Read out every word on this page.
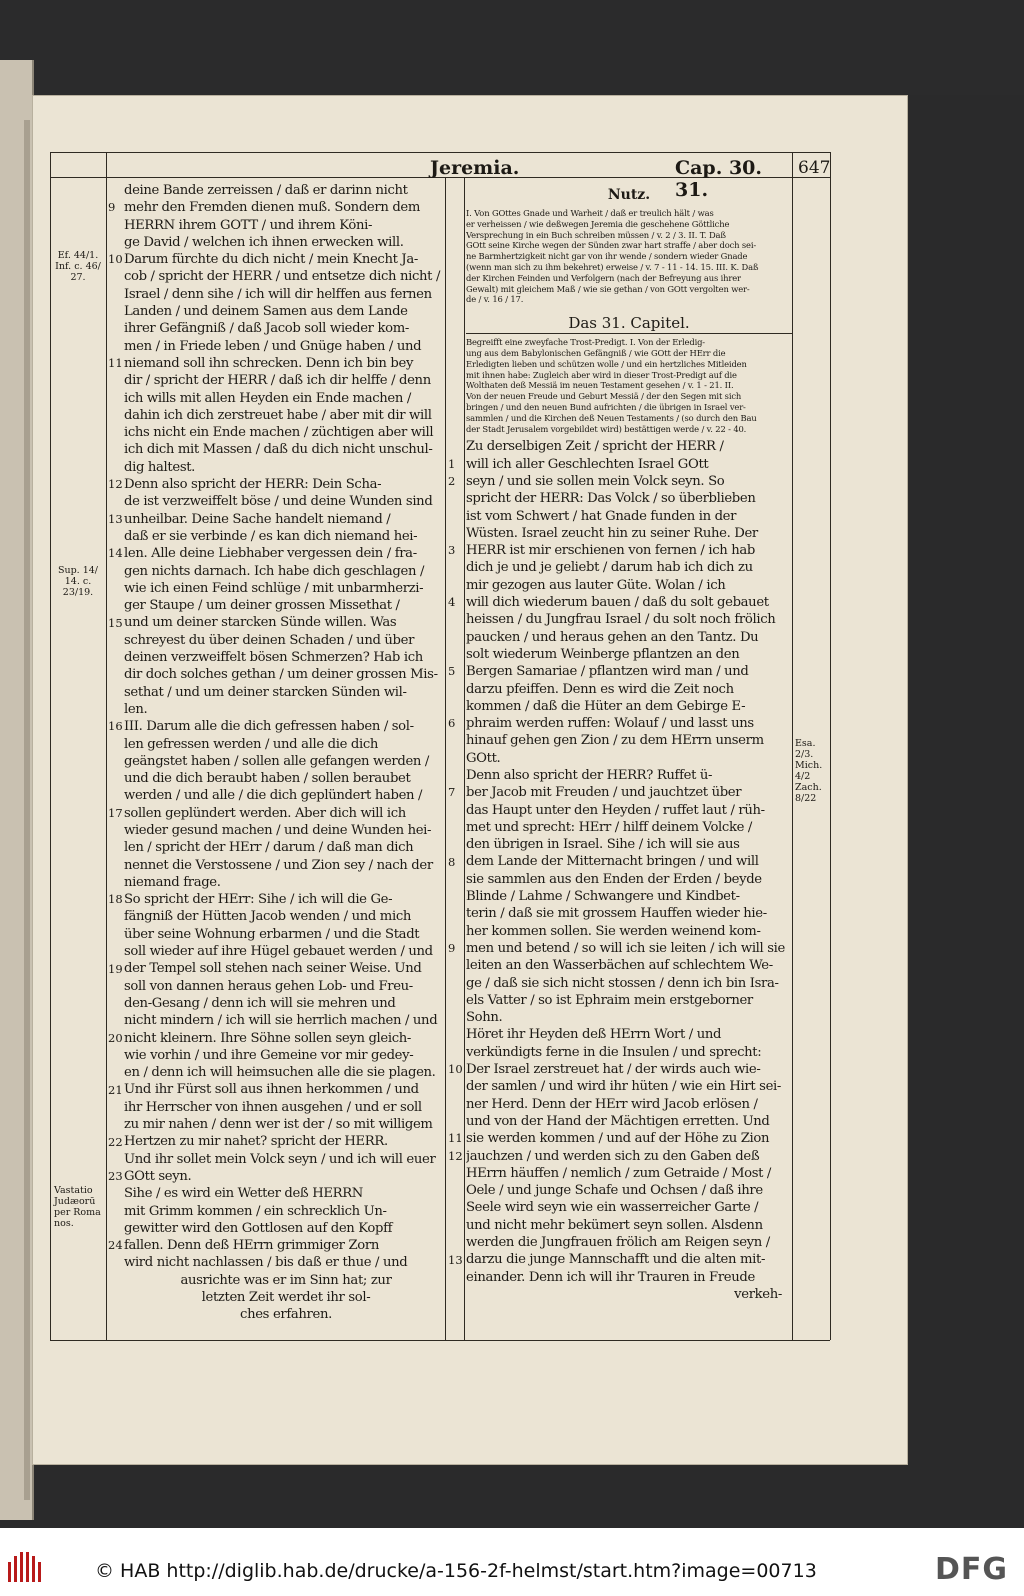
Jeremia.	Cap. 30. 31.
647
deine Bande zerreissen / daß er darinn nicht
mehr den Fremden dienen muß. Sondern dem
HERRN ihrem GOTT / und ihrem Köni-
ge David / welchen ich ihnen erwecken will.
Darum fürchte du dich nicht / mein Knecht Ja-
cob / spricht der HERR / und entsetze dich nicht /
Israel / denn sihe / ich will dir helffen aus fernen
Landen / und deinem Samen aus dem Lande
ihrer Gefängniß / daß Jacob soll wieder kom-
men / in Friede leben / und Gnüge haben / und
niemand soll ihn schrecken. Denn ich bin bey
dir / spricht der HERR / daß ich dir helffe / denn
ich wills mit allen Heyden ein Ende machen /
dahin ich dich zerstreuet habe / aber mit dir will
ichs nicht ein Ende machen / züchtigen aber will
ich dich mit Massen / daß du dich nicht unschul-
dig haltest.
Denn also spricht der HERR: Dein Scha-
de ist verzweiffelt böse / und deine Wunden sind
unheilbar. Deine Sache handelt niemand /
daß er sie verbinde / es kan dich niemand hei-
len. Alle deine Liebhaber vergessen dein / fra-
gen nichts darnach. Ich habe dich geschlagen /
wie ich einen Feind schlüge / mit unbarmherzi-
ger Staupe / um deiner grossen Missethat /
und um deiner starcken Sünde willen. Was
schreyest du über deinen Schaden / und über
deinen verzweiffelt bösen Schmerzen? Hab ich
dir doch solches gethan / um deiner grossen Mis-
sethat / und um deiner starcken Sünden wil-
len.
III. Darum alle die dich gefressen haben / sol-
len gefressen werden / und alle die dich
geängstet haben / sollen alle gefangen werden /
und die dich beraubt haben / sollen beraubet
werden / und alle / die dich geplündert haben /
sollen geplündert werden. Aber dich will ich
wieder gesund machen / und deine Wunden hei-
len / spricht der HErr / darum / daß man dich
nennet die Verstossene / und Zion sey / nach der
niemand frage.
So spricht der HErr: Sihe / ich will die Ge-
fängniß der Hütten Jacob wenden / und mich
über seine Wohnung erbarmen / und die Stadt
soll wieder auf ihre Hügel gebauet werden / und
der Tempel soll stehen nach seiner Weise. Und
soll von dannen heraus gehen Lob- und Freu-
den-Gesang / denn ich will sie mehren und
nicht mindern / ich will sie herrlich machen / und
nicht kleinern. Ihre Söhne sollen seyn gleich-
wie vorhin / und ihre Gemeine vor mir gedey-
en / denn ich will heimsuchen alle die sie plagen.
Und ihr Fürst soll aus ihnen herkommen / und
ihr Herrscher von ihnen ausgehen / und er soll
zu mir nahen / denn wer ist der / so mit willigem
Hertzen zu mir nahet? spricht der HERR.
Und ihr sollet mein Volck seyn / und ich will euer
GOtt seyn.
Sihe / es wird ein Wetter deß HERRN
mit Grimm kommen / ein schrecklich Un-
gewitter wird den Gottlosen auf den Kopff
fallen. Denn deß HErrn grimmiger Zorn
wird nicht nachlassen / bis daß er thue / und
ausrichte was er im Sinn hat; zur
letzten Zeit werdet ihr sol-
ches erfahren.
Nutz.
I. Von GOttes Gnade und Warheit / daß er treulich hält / was
er verheissen / wie deßwegen Jeremia die geschehene Göttliche
Versprechung in ein Buch schreiben müssen / v. 2 / 3. II. T. Daß
GOtt seine Kirche wegen der Sünden zwar hart straffe / aber doch sei-
ne Barmhertzigkeit nicht gar von ihr wende / sondern wieder Gnade
(wenn man sich zu ihm bekehret) erweise / v. 7 - 11 - 14. 15. III. K. Daß
der Kirchen Feinden und Verfolgern (nach der Befreyung aus ihrer
Gewalt) mit gleichem Maß / wie sie gethan / von GOtt vergolten wer-
de / v. 16 / 17.
Das 31. Capitel.
Begreifft eine zweyfache Trost-Predigt. I. Von der Erledig-
ung aus dem Babylonischen Gefängniß / wie GOtt der HErr die
Erledigten lieben und schützen wolle / und ein hertzliches Mitleiden
mit ihnen habe: Zugleich aber wird in dieser Trost-Predigt auf die
Wolthaten deß Messiä im neuen Testament gesehen / v. 1 - 21. II.
Von der neuen Freude und Geburt Messiä / der den Segen mit sich
bringen / und den neuen Bund aufrichten / die übrigen in Israel ver-
sammlen / und die Kirchen deß Neuen Testaments / (so durch den Bau
der Stadt Jerusalem vorgebildet wird) bestättigen werde / v. 22 - 40.
Zu derselbigen Zeit / spricht der HERR /
will ich aller Geschlechten Israel GOtt
seyn / und sie sollen mein Volck seyn. So
spricht der HERR: Das Volck / so überblieben
ist vom Schwert / hat Gnade funden in der
Wüsten. Israel zeucht hin zu seiner Ruhe. Der
HERR ist mir erschienen von fernen / ich hab
dich je und je geliebt / darum hab ich dich zu
mir gezogen aus lauter Güte. Wolan / ich
will dich wiederum bauen / daß du solt gebauet
heissen / du Jungfrau Israel / du solt noch frölich
paucken / und heraus gehen an den Tantz. Du
solt wiederum Weinberge pflantzen an den
Bergen Samariae / pflantzen wird man / und
darzu pfeiffen. Denn es wird die Zeit noch
kommen / daß die Hüter an dem Gebirge E-
phraim werden ruffen: Wolauf / und lasst uns
hinauf gehen gen Zion / zu dem HErrn unserm
GOtt.
Denn also spricht der HERR? Ruffet ü-
ber Jacob mit Freuden / und jauchtzet über
das Haupt unter den Heyden / ruffet laut / rüh-
met und sprecht: HErr / hilff deinem Volcke /
den übrigen in Israel. Sihe / ich will sie aus
dem Lande der Mitternacht bringen / und will
sie sammlen aus den Enden der Erden / beyde
Blinde / Lahme / Schwangere und Kindbet-
terin / daß sie mit grossem Hauffen wieder hie-
her kommen sollen. Sie werden weinend kom-
men und betend / so will ich sie leiten / ich will sie
leiten an den Wasserbächen auf schlechtem We-
ge / daß sie sich nicht stossen / denn ich bin Isra-
els Vatter / so ist Ephraim mein erstgeborner
Sohn.
Höret ihr Heyden deß HErrn Wort / und
verkündigts ferne in die Insulen / und sprecht:
Der Israel zerstreuet hat / der wirds auch wie-
der samlen / und wird ihr hüten / wie ein Hirt sei-
ner Herd. Denn der HErr wird Jacob erlösen /
und von der Hand der Mächtigen erretten. Und
sie werden kommen / und auf der Höhe zu Zion
jauchzen / und werden sich zu den Gaben deß
HErrn häuffen / nemlich / zum Getraide / Most /
Oele / und junge Schafe und Ochsen / daß ihre
Seele wird seyn wie ein wasserreicher Garte /
und nicht mehr bekümert seyn sollen. Alsdenn
werden die Jungfrauen frölich am Reigen seyn /
darzu die junge Mannschafft und die alten mit-
einander. Denn ich will ihr Trauren in Freude
verkeh-
9
10
11
12
13
14
15
16
17
18
19
20
21
22
23
24
1
2
3
4
5
6
7
8
9
10
11
12
13
Ef. 44/1. Inf. c. 46/ 27.
Sup. 14/ 14. c. 23/19.
Vastatio Judæorū per Roma nos.
Esa. 2/3. Mich. 4/2 Zach. 8/22
© HAB http://diglib.hab.de/drucke/a-156-2f-helmst/start.htm?image=00713	DFG
